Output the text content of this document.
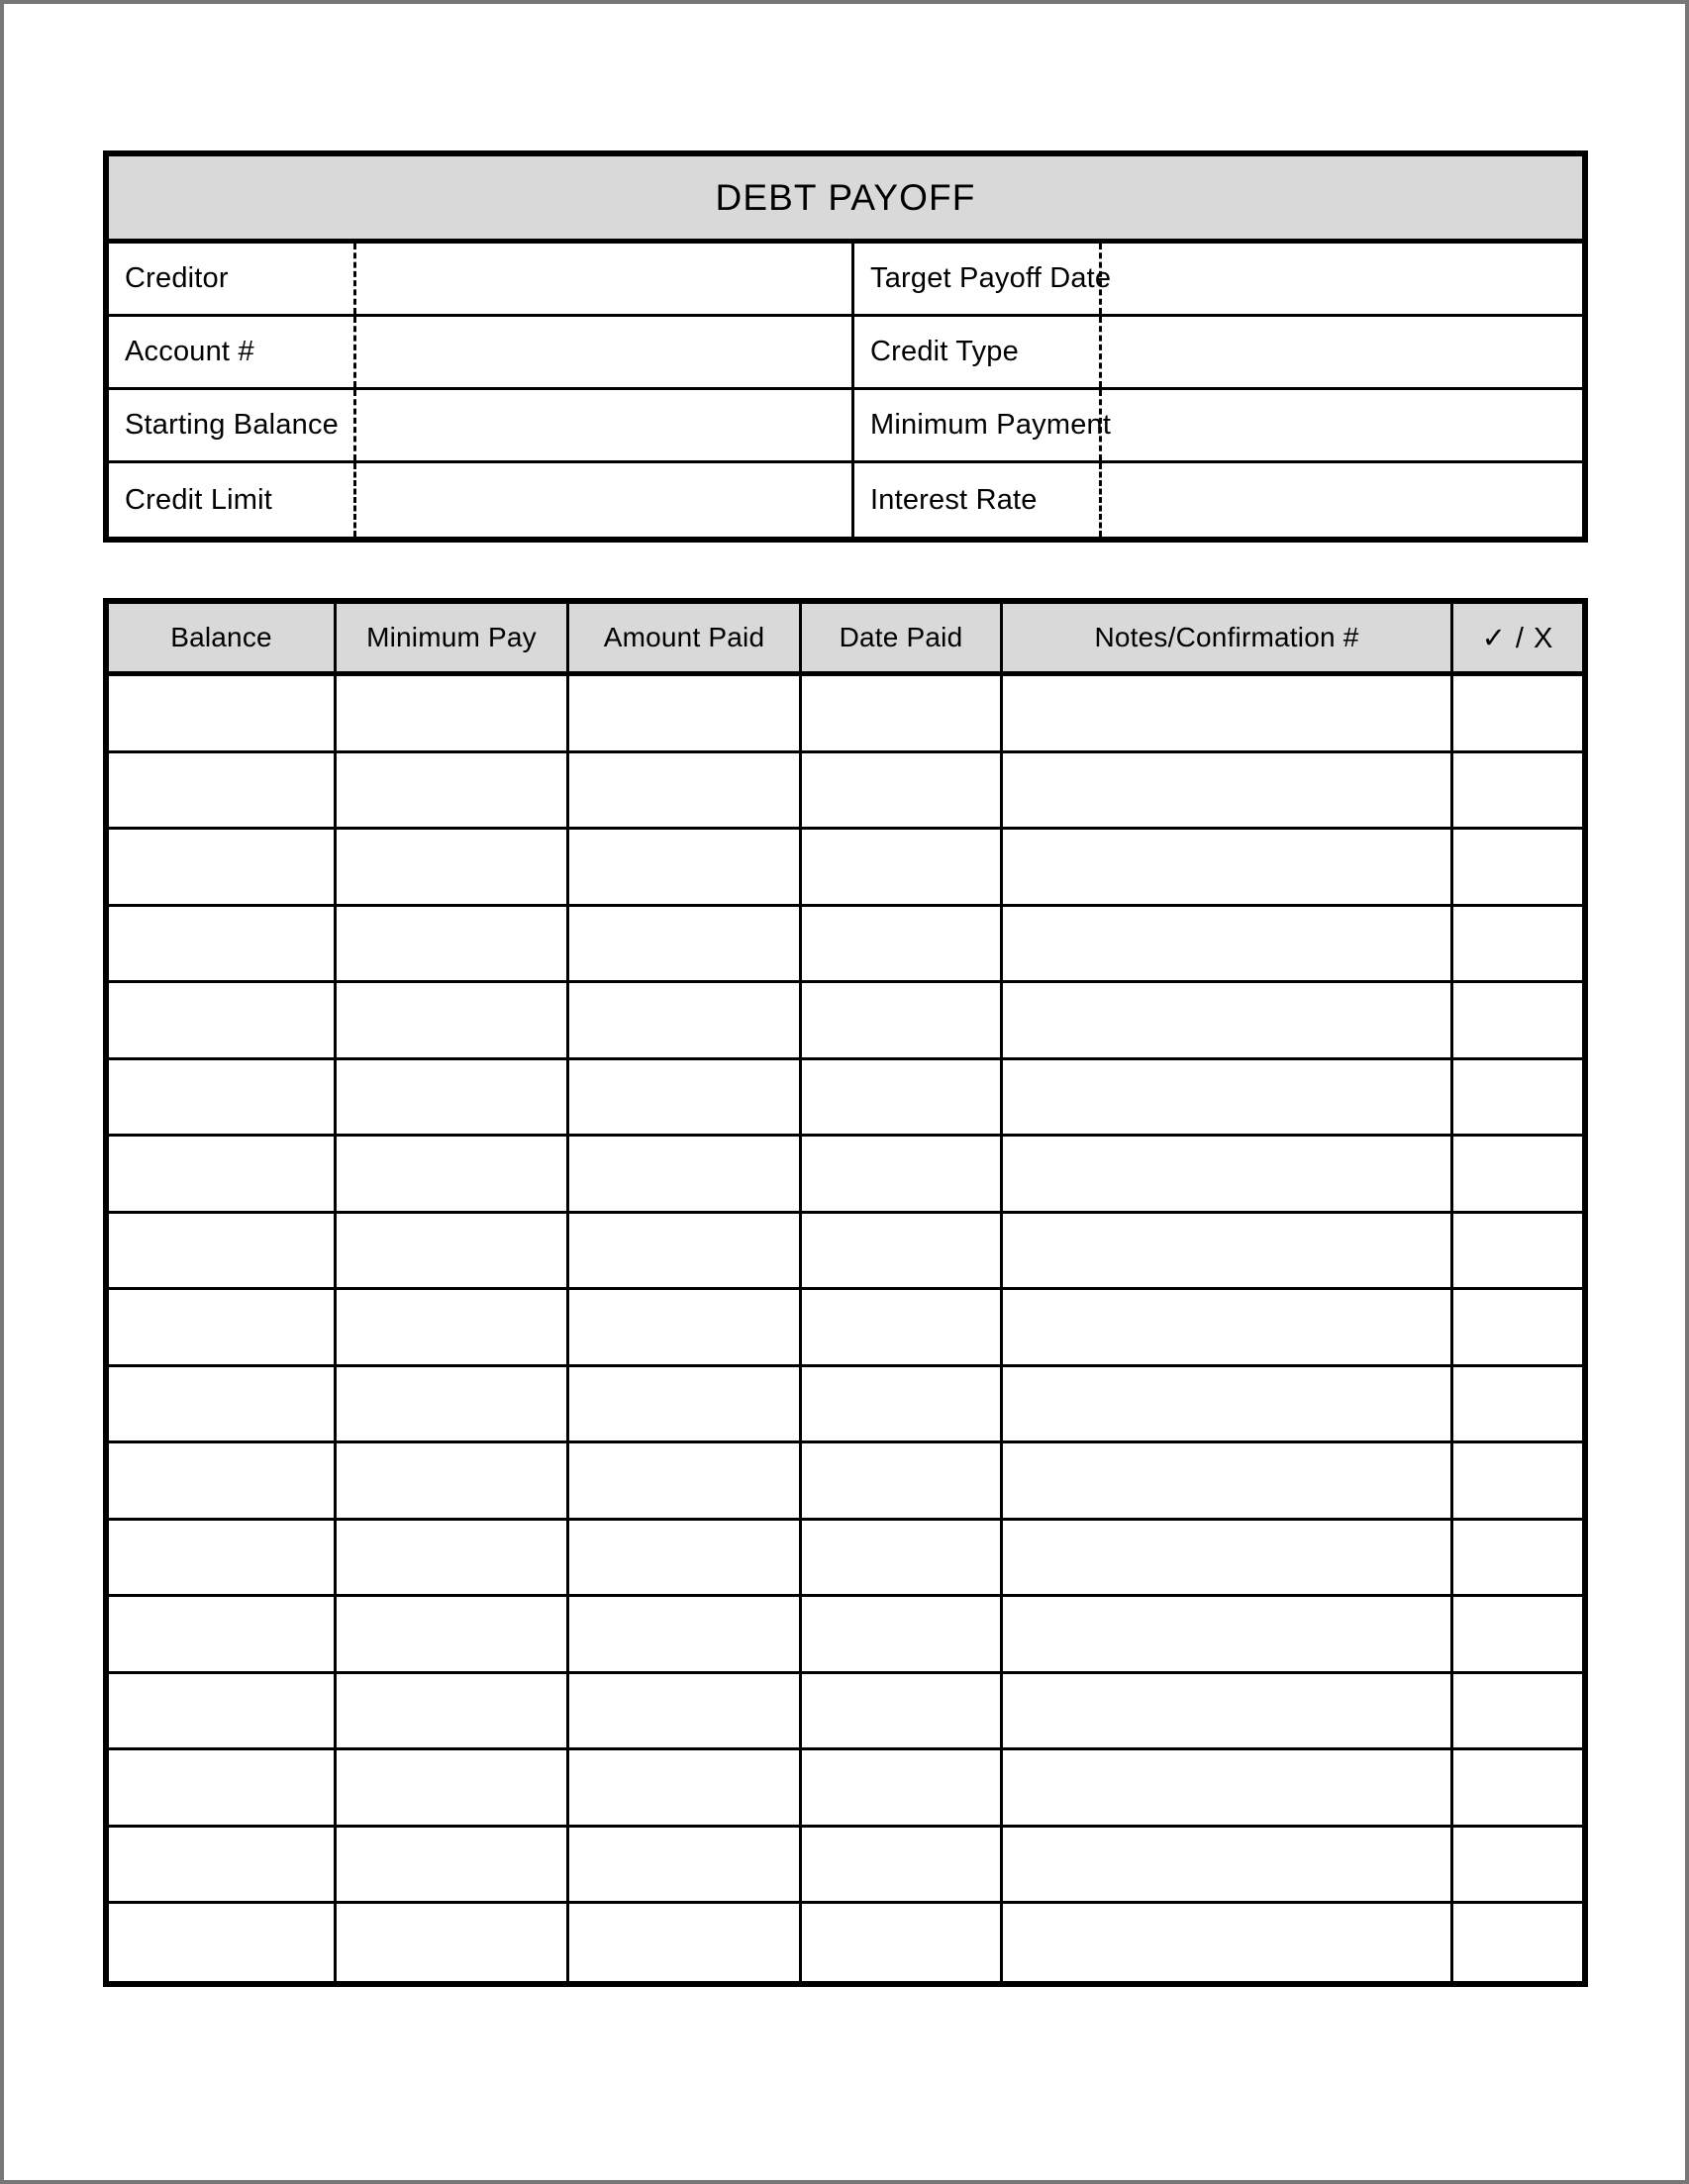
DEBT PAYOFF
Creditor	Target Payoff Date
Account #	Credit Type
Starting Balance	Minimum Payment
Credit Limit	Interest Rate
Balance	Minimum Pay	Amount Paid	Date Paid	Notes/Confirmation #	✓ / X
